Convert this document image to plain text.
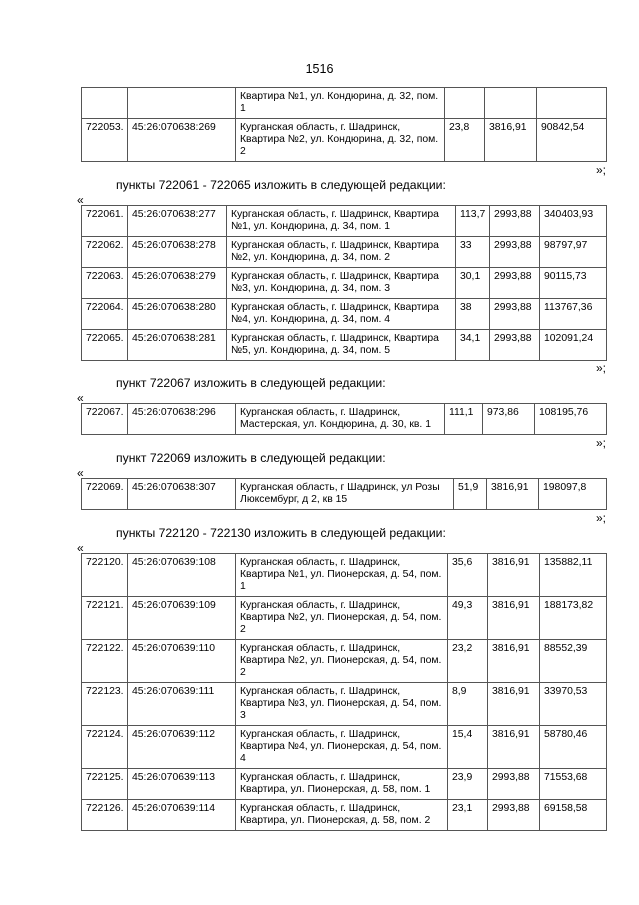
1516
		Квартира №1, ул. Кондюрина, д. 32, пом. 1			
722053.	45:26:070638:269	Курганская область, г. Шадринск, Квартира №2, ул. Кондюрина, д. 32, пом. 2	23,8	3816,91	90842,54
»;
пункты 722061 - 722065 изложить в следующей редакции:
«
722061.	45:26:070638:277	Курганская область, г. Шадринск, Квартира №1, ул. Кондюрина, д. 34, пом. 1	113,7	2993,88	340403,93
722062.	45:26:070638:278	Курганская область, г. Шадринск, Квартира №2, ул. Кондюрина, д. 34, пом. 2	33	2993,88	98797,97
722063.	45:26:070638:279	Курганская область, г. Шадринск, Квартира №3, ул. Кондюрина, д. 34, пом. 3	30,1	2993,88	90115,73
722064.	45:26:070638:280	Курганская область, г. Шадринск, Квартира №4, ул. Кондюрина, д. 34, пом. 4	38	2993,88	113767,36
722065.	45:26:070638:281	Курганская область, г. Шадринск, Квартира №5, ул. Кондюрина, д. 34, пом. 5	34,1	2993,88	102091,24
»;
пункт 722067 изложить в следующей редакции:
«
722067.	45:26:070638:296	Курганская область, г. Шадринск, Мастерская, ул. Кондюрина, д. 30, кв. 1	111,1	973,86	108195,76
»;
пункт 722069 изложить в следующей редакции:
«
722069.	45:26:070638:307	Курганская область, г Шадринск, ул Розы Люксембург, д 2, кв 15	51,9	3816,91	198097,8
»;
пункты 722120 - 722130 изложить в следующей редакции:
«
722120.	45:26:070639:108	Курганская область, г. Шадринск, Квартира №1, ул. Пионерская, д. 54, пом. 1	35,6	3816,91	135882,11
722121.	45:26:070639:109	Курганская область, г. Шадринск, Квартира №2, ул. Пионерская, д. 54, пом. 2	49,3	3816,91	188173,82
722122.	45:26:070639:110	Курганская область, г. Шадринск, Квартира №2, ул. Пионерская, д. 54, пом. 2	23,2	3816,91	88552,39
722123.	45:26:070639:111	Курганская область, г. Шадринск, Квартира №3, ул. Пионерская, д. 54, пом. 3	8,9	3816,91	33970,53
722124.	45:26:070639:112	Курганская область, г. Шадринск, Квартира №4, ул. Пионерская, д. 54, пом. 4	15,4	3816,91	58780,46
722125.	45:26:070639:113	Курганская область, г. Шадринск, Квартира, ул. Пионерская, д. 58, пом. 1	23,9	2993,88	71553,68
722126.	45:26:070639:114	Курганская область, г. Шадринск, Квартира, ул. Пионерская, д. 58, пом. 2	23,1	2993,88	69158,58
